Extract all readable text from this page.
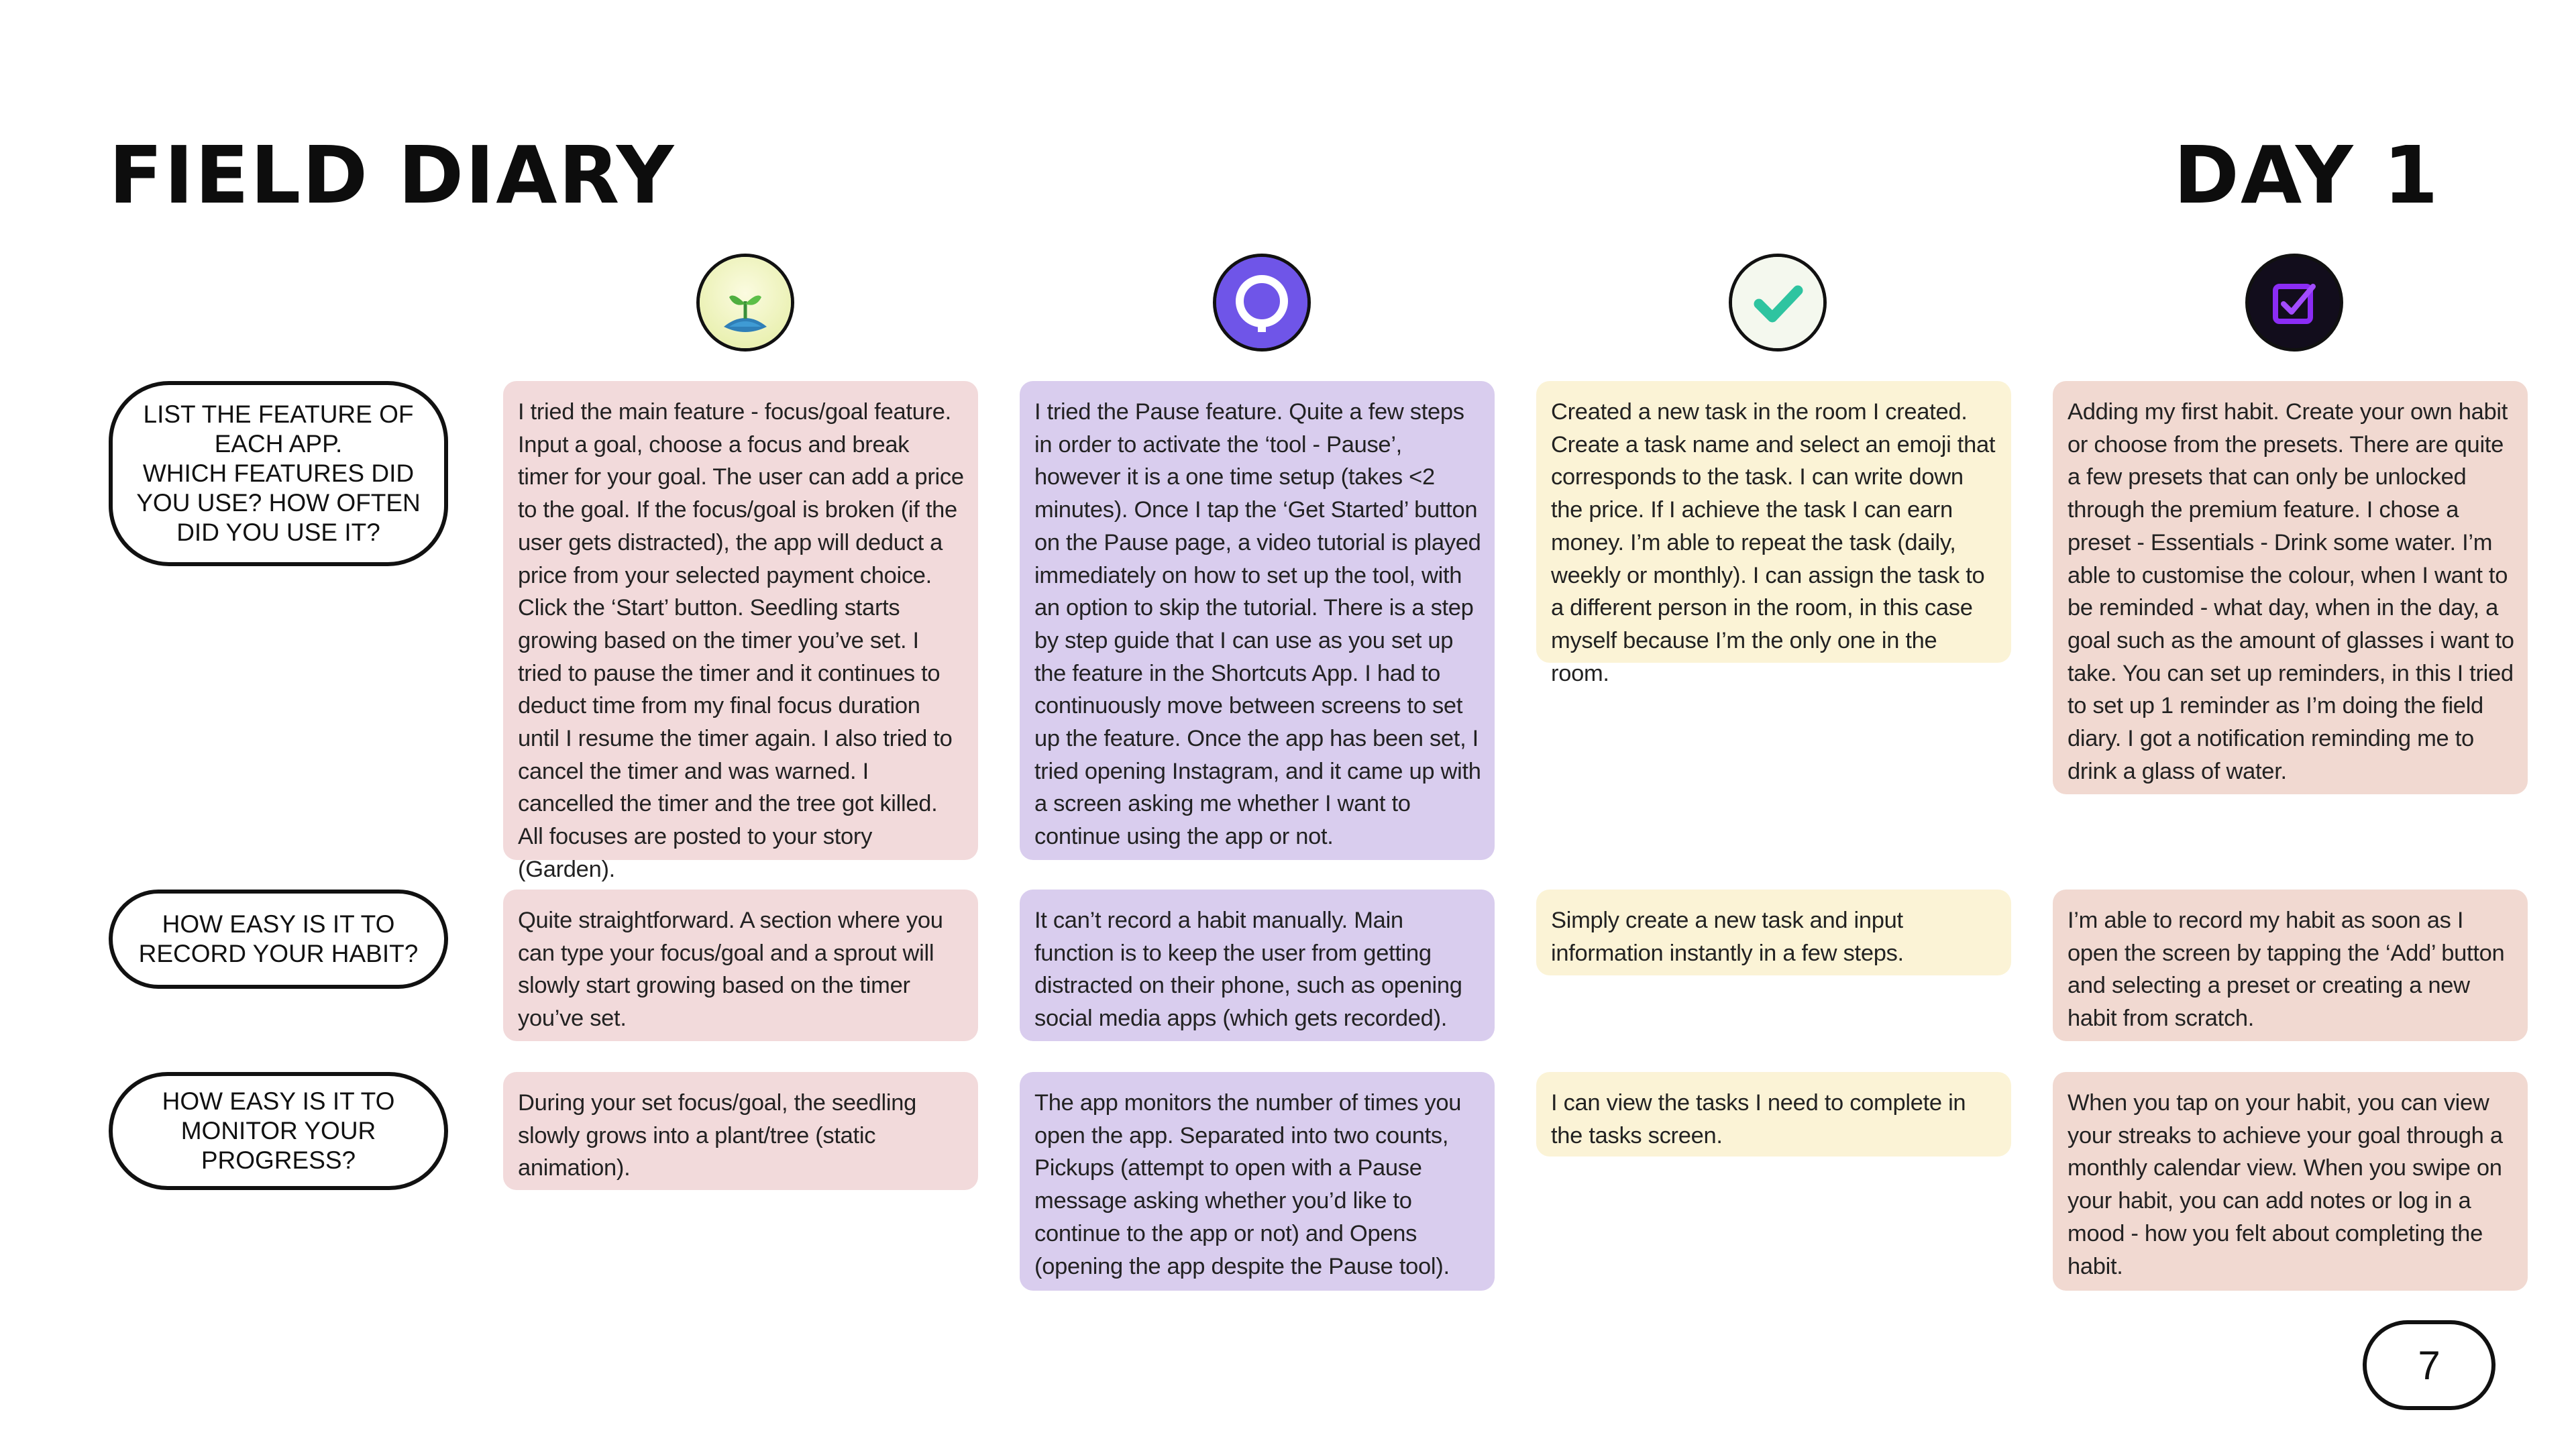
FIELD DIARY	DAY 1
LIST THE FEATURE OF EACH APP.
WHICH FEATURES DID YOU USE? HOW OFTEN DID YOU USE IT?
HOW EASY IS IT TO RECORD YOUR HABIT?
HOW EASY IS IT TO MONITOR YOUR PROGRESS?
I tried the main feature - focus/goal feature. Input a goal, choose a focus and break timer for your goal. The user can add a price to the goal. If the focus/goal is broken (if the user gets distracted), the app will deduct a price from your selected payment choice. Click the ‘Start’ button. Seedling starts growing based on the timer you’ve set. I tried to pause the timer and it continues to deduct time from my final focus duration until I resume the timer again. I also tried to cancel the timer and was warned. I cancelled the timer and the tree got killed. All focuses are posted to your story (Garden).
I tried the Pause feature. Quite a few steps in order to activate the ‘tool - Pause’, however it is a one time setup (takes <2 minutes). Once I tap the ‘Get Started’ button on the Pause page, a video tutorial is played immediately on how to set up the tool, with an option to skip the tutorial. There is a step by step guide that I can use as you set up the feature in the Shortcuts App. I had to continuously move between screens to set up the feature. Once the app has been set, I tried opening Instagram, and it came up with a screen asking me whether I want to continue using the app or not.
Created a new task in the room I created. Create a task name and select an emoji that corresponds to the task. I can write down the price. If I achieve the task I can earn money. I’m able to repeat the task (daily, weekly or monthly). I can assign the task to a different person in the room, in this case myself because I’m the only one in the room.
Adding my first habit. Create your own habit or choose from the presets. There are quite a few presets that can only be unlocked through the premium feature. I chose a preset - Essentials - Drink some water. I’m able to customise the colour, when I want to be reminded - what day, when in the day, a goal such as the amount of glasses i want to take. You can set up reminders, in this I tried to set up 1 reminder as I’m doing the field diary. I got a notification reminding me to drink a glass of water.
Quite straightforward. A section where you can type your focus/goal and a sprout will slowly start growing based on the timer you’ve set.
It can’t record a habit manually. Main function is to keep the user from getting distracted on their phone, such as opening social media apps (which gets recorded).
Simply create a new task and input information instantly in a few steps.
I’m able to record my habit as soon as I open the screen by tapping the ‘Add’ button and selecting a preset or creating a new habit from scratch.
During your set focus/goal, the seedling slowly grows into a plant/tree (static animation).
The app monitors the number of times you open the app. Separated into two counts, Pickups (attempt to open with a Pause message asking whether you’d like to continue to the app or not) and Opens (opening the app despite the Pause tool).
I can view the tasks I need to complete in the tasks screen.
When you tap on your habit, you can view your streaks to achieve your goal through a monthly calendar view. When you swipe on your habit, you can add notes or log in a mood - how you felt about completing the habit.
7
